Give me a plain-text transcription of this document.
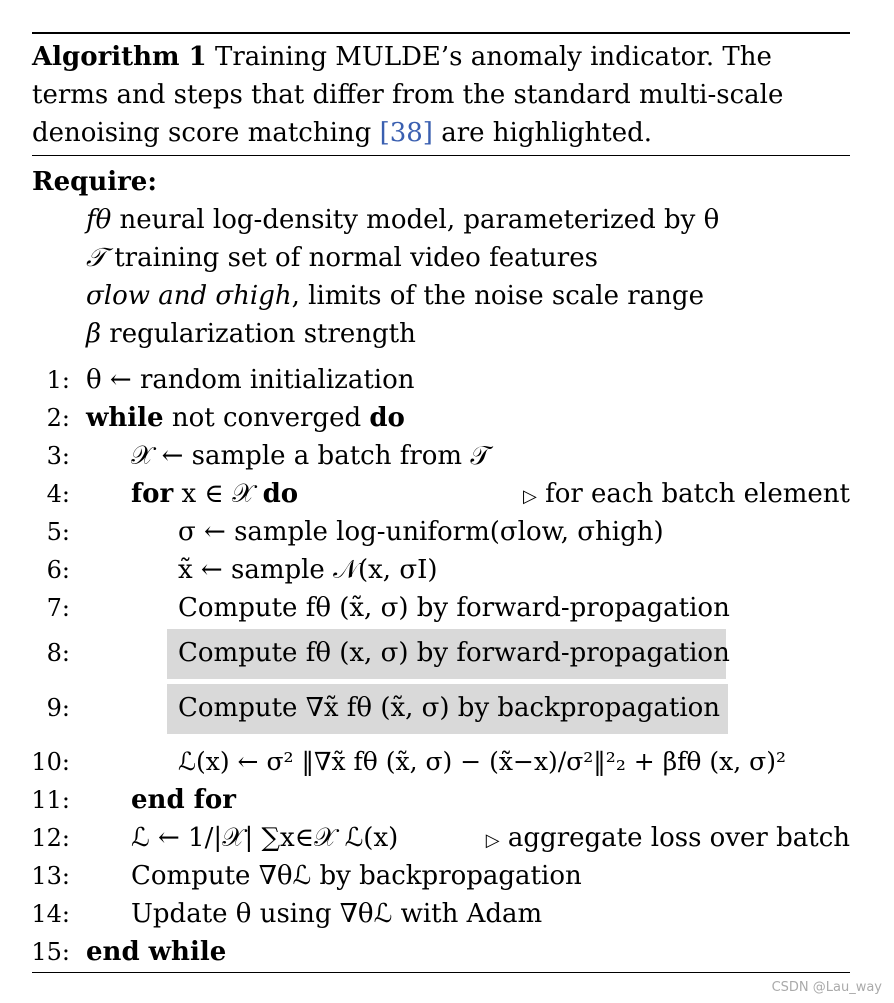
Algorithm 1 Training MULDE’s anomaly indicator. The terms and steps that differ from the standard multi-scale denoising score matching [38] are highlighted.
Require:
fθ neural log-density model, parameterized by θ
𝒯 training set of normal video features
σlow and σhigh, limits of the noise scale range
β regularization strength
1:
2:
3:
4:
5:
6:
7:
8:
9:
10:
11:
12:
13:
14:
15:
θ ← random initialization
while not converged do
𝒳 ← sample a batch from 𝒯
for x ∈ 𝒳 do	▷ for each batch element
σ ← sample log-uniform(σlow, σhigh)
x̃ ← sample 𝒩(x, σI)
Compute fθ (x̃, σ) by forward-propagation
Compute fθ (x, σ) by forward-propagation
Compute ∇x̃ fθ (x̃, σ) by backpropagation
ℒ(x) ← σ² ‖∇x̃ fθ (x̃, σ) − (x̃−x)/σ²‖²₂ + βfθ (x, σ)²
end for
ℒ ← 1/|𝒳| ∑x∈𝒳 ℒ(x)	▷ aggregate loss over batch
Compute ∇θℒ by backpropagation
Update θ using ∇θℒ with Adam
end while
CSDN @Lau_way
